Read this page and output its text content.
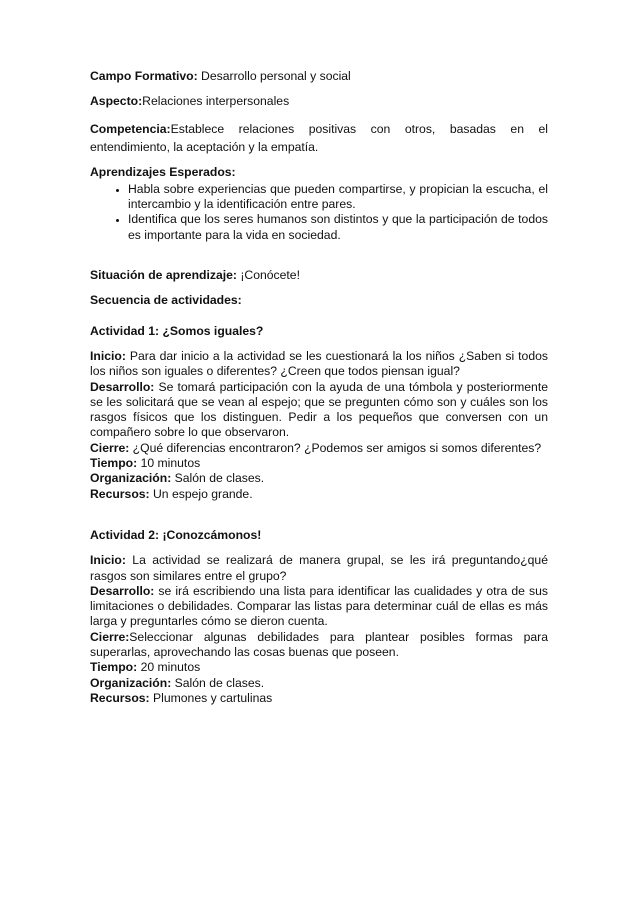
Campo Formativo: Desarrollo personal y social

Aspecto:Relaciones interpersonales

Competencia:Establece relaciones positivas con otros, basadas en el entendimiento, la aceptación y la empatía.

Aprendizajes Esperados:

• Habla sobre experiencias que pueden compartirse, y propician la escucha, el intercambio y la identificación entre pares.
• Identifica que los seres humanos son distintos y que la participación de todos es importante para la vida en sociedad.

Situación de aprendizaje: ¡Conócete!

Secuencia de actividades:

Actividad 1: ¿Somos iguales?

Inicio: Para dar inicio a la actividad se les cuestionará la los niños ¿Saben si todos los niños son iguales o diferentes? ¿Creen que todos piensan igual?

Desarrollo: Se tomará participación con la ayuda de una tómbola y posteriormente se les solicitará que se vean al espejo; que se pregunten cómo son y cuáles son los rasgos físicos que los distinguen. Pedir a los pequeños que conversen con un compañero sobre lo que observaron.

Cierre: ¿Qué diferencias encontraron? ¿Podemos ser amigos si somos diferentes?

Tiempo: 10 minutos

Organización: Salón de clases.

Recursos: Un espejo grande.

Actividad 2: ¡Conozcámonos!

Inicio: La actividad se realizará de manera grupal, se les irá preguntando¿qué rasgos son similares entre el grupo?

Desarrollo: se irá escribiendo una lista para identificar las cualidades y otra de sus limitaciones o debilidades. Comparar las listas para determinar cuál de ellas es más larga y preguntarles cómo se dieron cuenta.

Cierre:Seleccionar algunas debilidades para plantear posibles formas para superarlas, aprovechando las cosas buenas que poseen.

Tiempo: 20 minutos

Organización: Salón de clases.

Recursos: Plumones y cartulinas
